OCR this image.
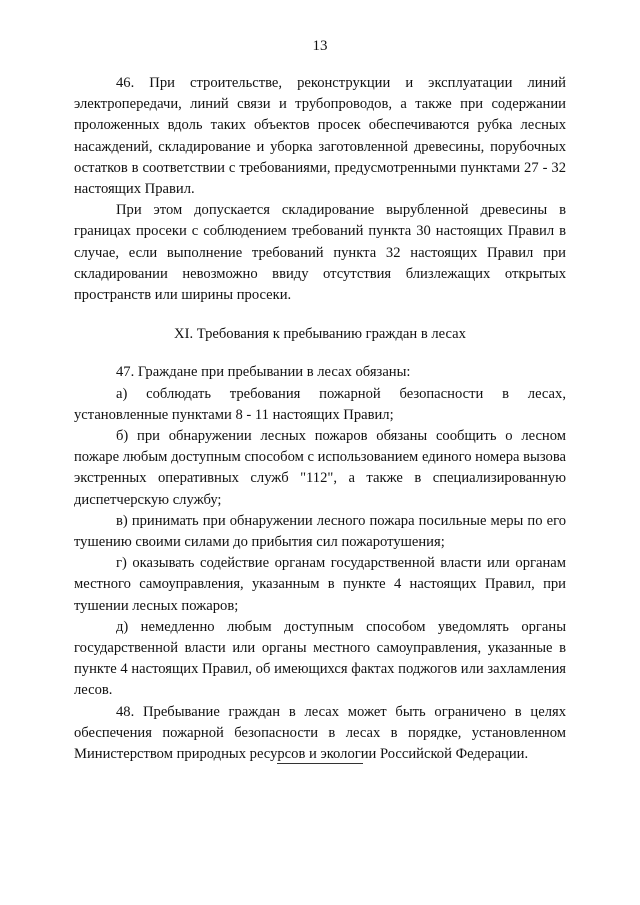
13

46. При строительстве, реконструкции и эксплуатации линий электропередачи, линий связи и трубопроводов, а также при содержании проложенных вдоль таких объектов просек обеспечиваются рубка лесных насаждений, складирование и уборка заготовленной древесины, порубочных остатков в соответствии с требованиями, предусмотренными пунктами 27 - 32 настоящих Правил.

При этом допускается складирование вырубленной древесины в границах просеки с соблюдением требований пункта 30 настоящих Правил в случае, если выполнение требований пункта 32 настоящих Правил при складировании невозможно ввиду отсутствия близлежащих открытых пространств или ширины просеки.

XI. Требования к пребыванию граждан в лесах

47. Граждане при пребывании в лесах обязаны:

а) соблюдать требования пожарной безопасности в лесах, установленные пунктами 8 - 11 настоящих Правил;

б) при обнаружении лесных пожаров обязаны сообщить о лесном пожаре любым доступным способом с использованием единого номера вызова экстренных оперативных служб "112", а также в специализированную диспетчерскую службу;

в) принимать при обнаружении лесного пожара посильные меры по его тушению своими силами до прибытия сил пожаротушения;

г) оказывать содействие органам государственной власти или органам местного самоуправления, указанным в пункте 4 настоящих Правил, при тушении лесных пожаров;

д) немедленно любым доступным способом уведомлять органы государственной власти или органы местного самоуправления, указанные в пункте 4 настоящих Правил, об имеющихся фактах поджогов или захламления лесов.

48. Пребывание граждан в лесах может быть ограничено в целях обеспечения пожарной безопасности в лесах в порядке, установленном Министерством природных ресурсов и экологии Российской Федерации.
